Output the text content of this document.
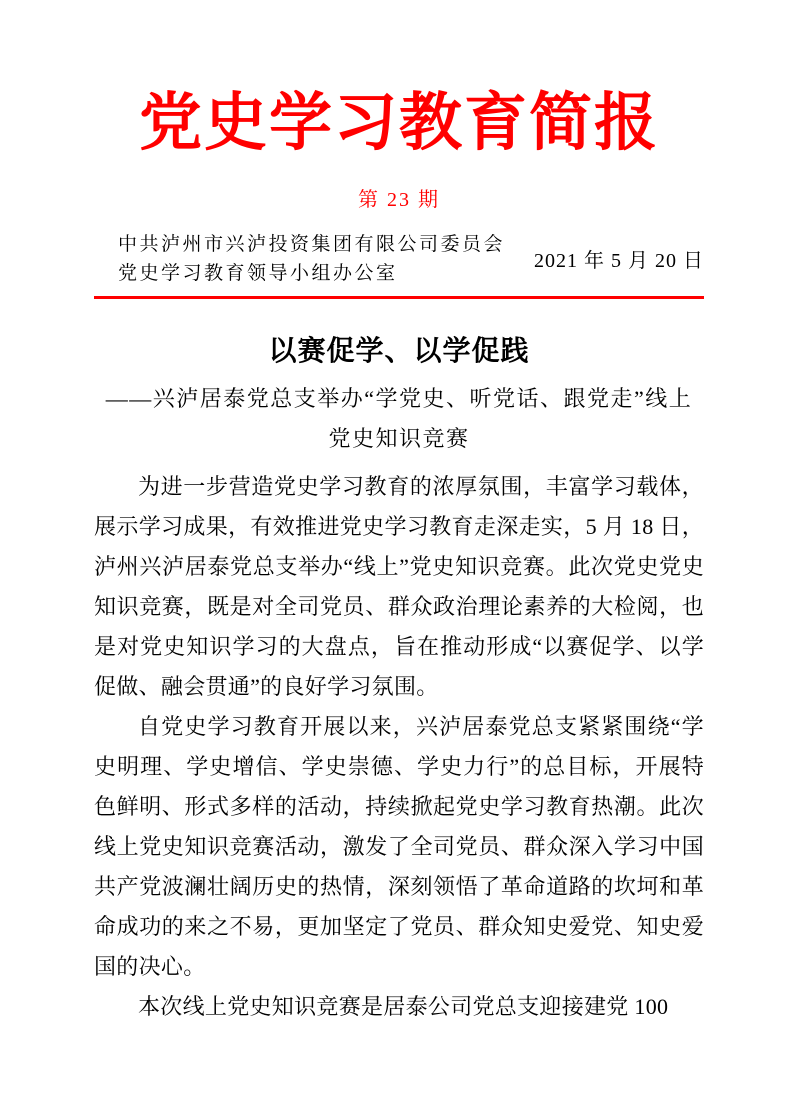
党史学习教育简报
第 23 期
中共泸州市兴泸投资集团有限公司委员会
党史学习教育领导小组办公室
2021 年 5 月 20 日
以赛促学、以学促践
——兴泸居泰党总支举办“学党史、听党话、跟党走”线上党史知识竞赛

为进一步营造党史学习教育的浓厚氛围，丰富学习载体，展示学习成果，有效推进党史学习教育走深走实，5 月 18 日，泸州兴泸居泰党总支举办“线上”党史知识竞赛。此次党史党史知识竞赛，既是对全司党员、群众政治理论素养的大检阅，也是对党史知识学习的大盘点，旨在推动形成“以赛促学、以学促做、融会贯通”的良好学习氛围。

自党史学习教育开展以来，兴泸居泰党总支紧紧围绕“学史明理、学史增信、学史崇德、学史力行”的总目标，开展特色鲜明、形式多样的活动，持续掀起党史学习教育热潮。此次线上党史知识竞赛活动，激发了全司党员、群众深入学习中国共产党波澜壮阔历史的热情，深刻领悟了革命道路的坎坷和革命成功的来之不易，更加坚定了党员、群众知史爱党、知史爱国的决心。

本次线上党史知识竞赛是居泰公司党总支迎接建党 100
